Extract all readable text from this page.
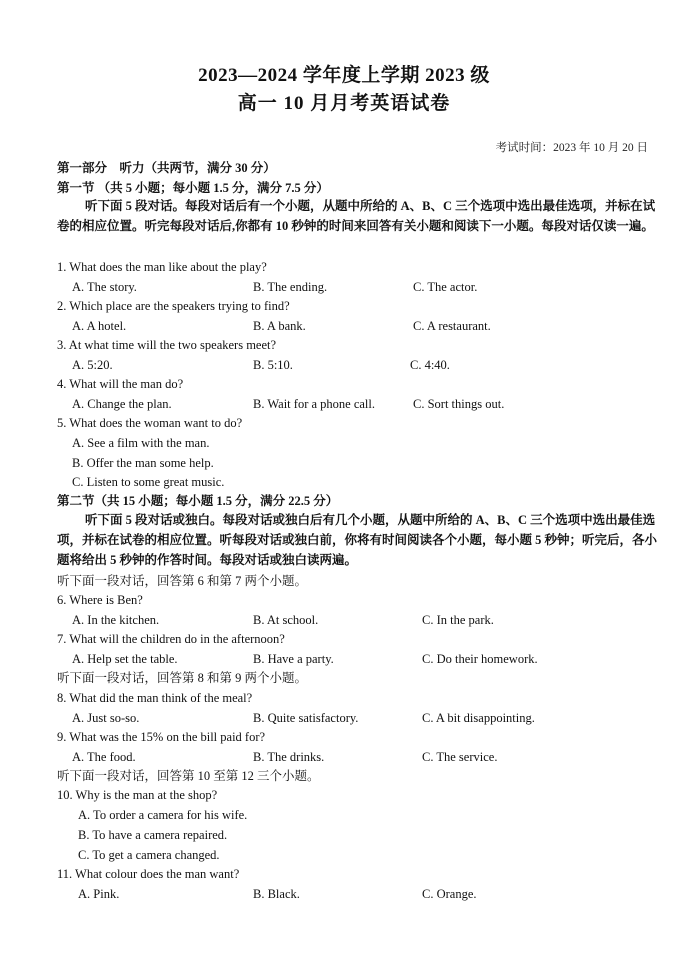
2023—2024 学年度上学期 2023 级
高一 10 月月考英语试卷
考试时间：2023 年 10 月 20 日
第一部分　听力（共两节，满分 30 分）
第一节 （共 5 小题；每小题 1.5 分，满分 7.5 分）
听下面 5 段对话。每段对话后有一个小题，从题中所给的 A、B、C 三个选项中选出最佳选项，并标在试卷的相应位置。听完每段对话后,你都有 10 秒钟的时间来回答有关小题和阅读下一小题。每段对话仅读一遍。
1. What does the man like about the play?
A. The story.	B. The ending.	C. The actor.
2. Which place are the speakers trying to find?
A. A hotel.	B. A bank.	C. A restaurant.
3. At what time will the two speakers meet?
A. 5:20.	B. 5:10.	C. 4:40.
4. What will the man do?
A. Change the plan.	B. Wait for a phone call.	C. Sort things out.
5. What does the woman want to do?
A. See a film with the man.
B. Offer the man some help.
C. Listen to some great music.
第二节（共 15 小题；每小题 1.5 分，满分 22.5 分）
听下面 5 段对话或独白。每段对话或独白后有几个小题，从题中所给的 A、B、C 三个选项中选出最佳选项，并标在试卷的相应位置。听每段对话或独白前，你将有时间阅读各个小题，每小题 5 秒钟；听完后，各小题将给出 5 秒钟的作答时间。每段对话或独白读两遍。
听下面一段对话，回答第 6 和第 7 两个小题。
6. Where is Ben?
A. In the kitchen.	B. At school.	C. In the park.
7. What will the children do in the afternoon?
A. Help set the table.	B. Have a party.	C. Do their homework.
听下面一段对话，回答第 8 和第 9 两个小题。
8. What did the man think of the meal?
A. Just so-so.	B. Quite satisfactory.	C. A bit disappointing.
9. What was the 15% on the bill paid for?
A. The food.	B. The drinks.	C. The service.
听下面一段对话，回答第 10 至第 12 三个小题。
10. Why is the man at the shop?
A. To order a camera for his wife.
B. To have a camera repaired.
C. To get a camera changed.
11. What colour does the man want?
A. Pink.	B. Black.	C. Orange.
